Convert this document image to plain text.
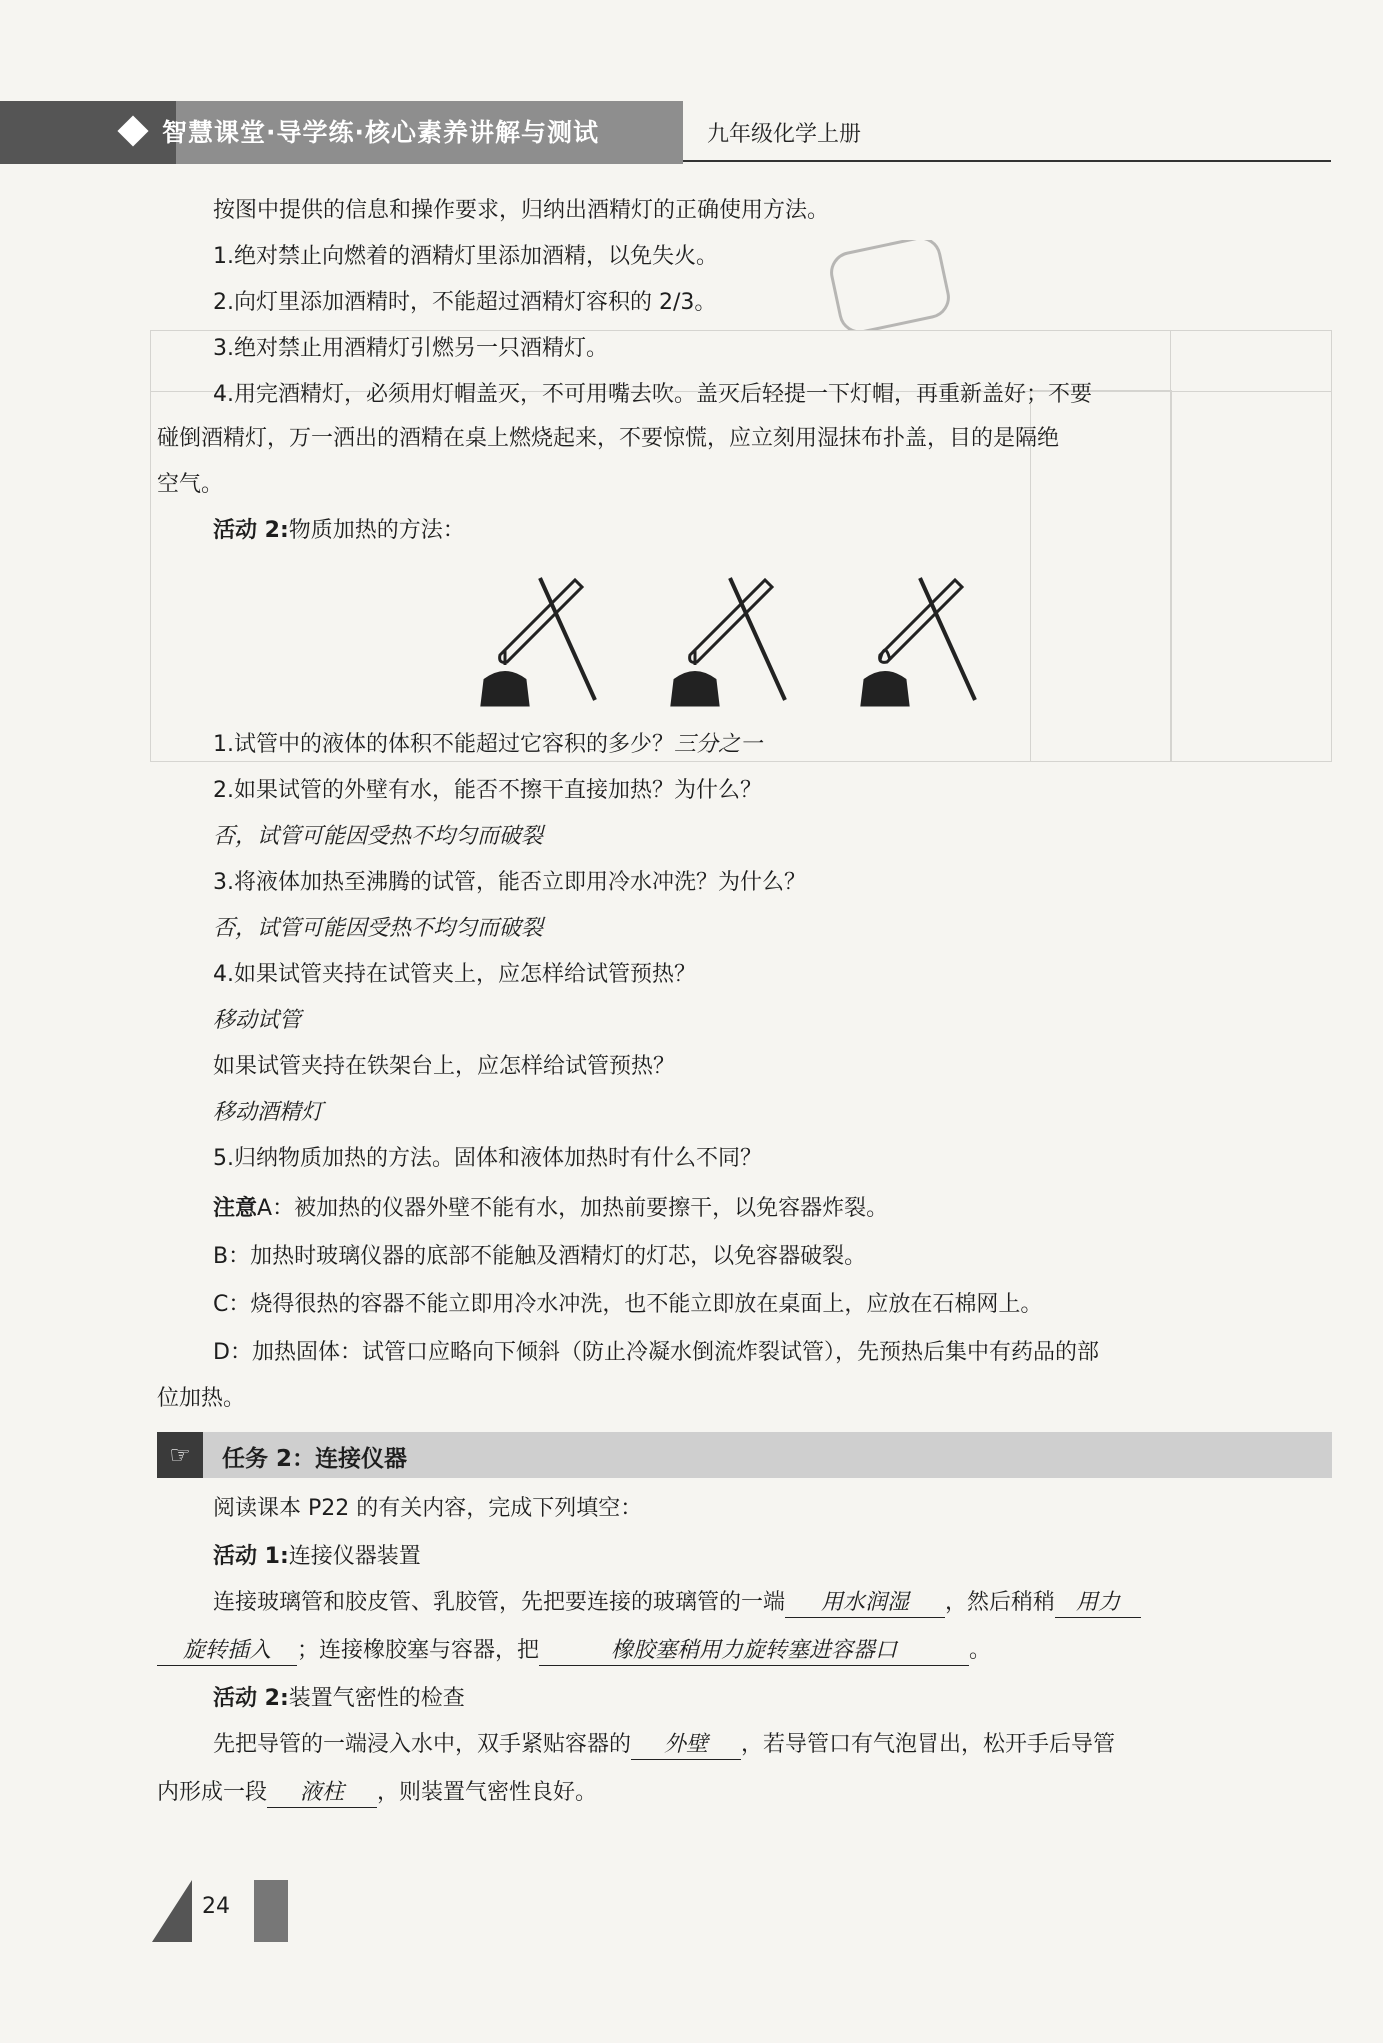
智慧课堂·导学练·核心素养讲解与测试	九年级化学上册
按图中提供的信息和操作要求，归纳出酒精灯的正确使用方法。
1.绝对禁止向燃着的酒精灯里添加酒精，以免失火。
2.向灯里添加酒精时，不能超过酒精灯容积的 2/3。
3.绝对禁止用酒精灯引燃另一只酒精灯。
4.用完酒精灯，必须用灯帽盖灭，不可用嘴去吹。盖灭后轻提一下灯帽，再重新盖好；不要
碰倒酒精灯，万一洒出的酒精在桌上燃烧起来，不要惊慌，应立刻用湿抹布扑盖，目的是隔绝
空气。
活动 2:物质加热的方法：
1.试管中的液体的体积不能超过它容积的多少？三分之一
2.如果试管的外壁有水，能否不擦干直接加热？为什么？
否，试管可能因受热不均匀而破裂
3.将液体加热至沸腾的试管，能否立即用冷水冲洗？为什么？
否，试管可能因受热不均匀而破裂
4.如果试管夹持在试管夹上，应怎样给试管预热？
移动试管
如果试管夹持在铁架台上，应怎样给试管预热？
移动酒精灯
5.归纳物质加热的方法。固体和液体加热时有什么不同？
注意A：被加热的仪器外壁不能有水，加热前要擦干，以免容器炸裂。
B：加热时玻璃仪器的底部不能触及酒精灯的灯芯，以免容器破裂。
C：烧得很热的容器不能立即用冷水冲洗，也不能立即放在桌面上，应放在石棉网上。
D：加热固体：试管口应略向下倾斜（防止冷凝水倒流炸裂试管），先预热后集中有药品的部
位加热。
☞	任务 2：连接仪器
阅读课本 P22 的有关内容，完成下列填空：
活动 1:连接仪器装置
连接玻璃管和胶皮管、乳胶管，先把要连接的玻璃管的一端 用水润湿 ，然后稍稍 用力
旋转插入 ；连接橡胶塞与容器，把	橡胶塞稍用力旋转塞进容器口	。
活动 2:装置气密性的检查
先把导管的一端浸入水中，双手紧贴容器的 外壁 ，若导管口有气泡冒出，松开手后导管
内形成一段 液柱 ，则装置气密性良好。
24
